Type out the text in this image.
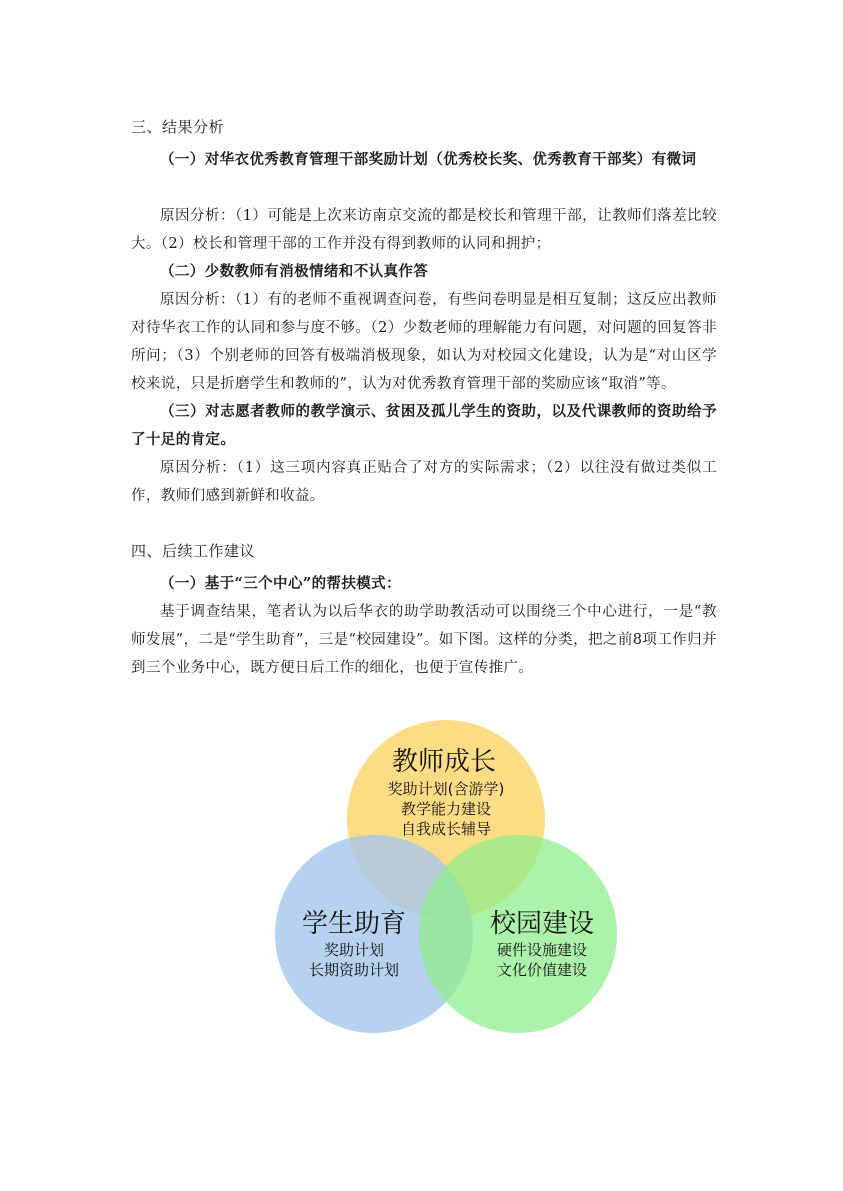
三、结果分析
（一）对华衣优秀教育管理干部奖励计划（优秀校长奖、优秀教育干部奖）有微词
原因分析：（1）可能是上次来访南京交流的都是校长和管理干部，让教师们落差比较大。（2）校长和管理干部的工作并没有得到教师的认同和拥护；
（二）少数教师有消极情绪和不认真作答
原因分析：（1）有的老师不重视调查问卷，有些问卷明显是相互复制；这反应出教师对待华衣工作的认同和参与度不够。（2）少数老师的理解能力有问题，对问题的回复答非所问；（3）个别老师的回答有极端消极现象，如认为对校园文化建设，认为是“对山区学校来说，只是折磨学生和教师的”，认为对优秀教育管理干部的奖励应该“取消”等。
（三）对志愿者教师的教学演示、贫困及孤儿学生的资助，以及代课教师的资助给予了十足的肯定。
原因分析：（1）这三项内容真正贴合了对方的实际需求；（2）以往没有做过类似工作，教师们感到新鲜和收益。
四、后续工作建议
（一）基于“三个中心”的帮扶模式：
基于调查结果，笔者认为以后华衣的助学助教活动可以围绕三个中心进行，一是“教师发展”，二是“学生助育”，三是“校园建设”。如下图。这样的分类，把之前8项工作归并到三个业务中心，既方便日后工作的细化，也便于宣传推广。
教师成长
奖助计划(含游学)
教学能力建设
自我成长辅导
学生助育
奖助计划
长期资助计划
校园建设
硬件设施建设
文化价值建设
